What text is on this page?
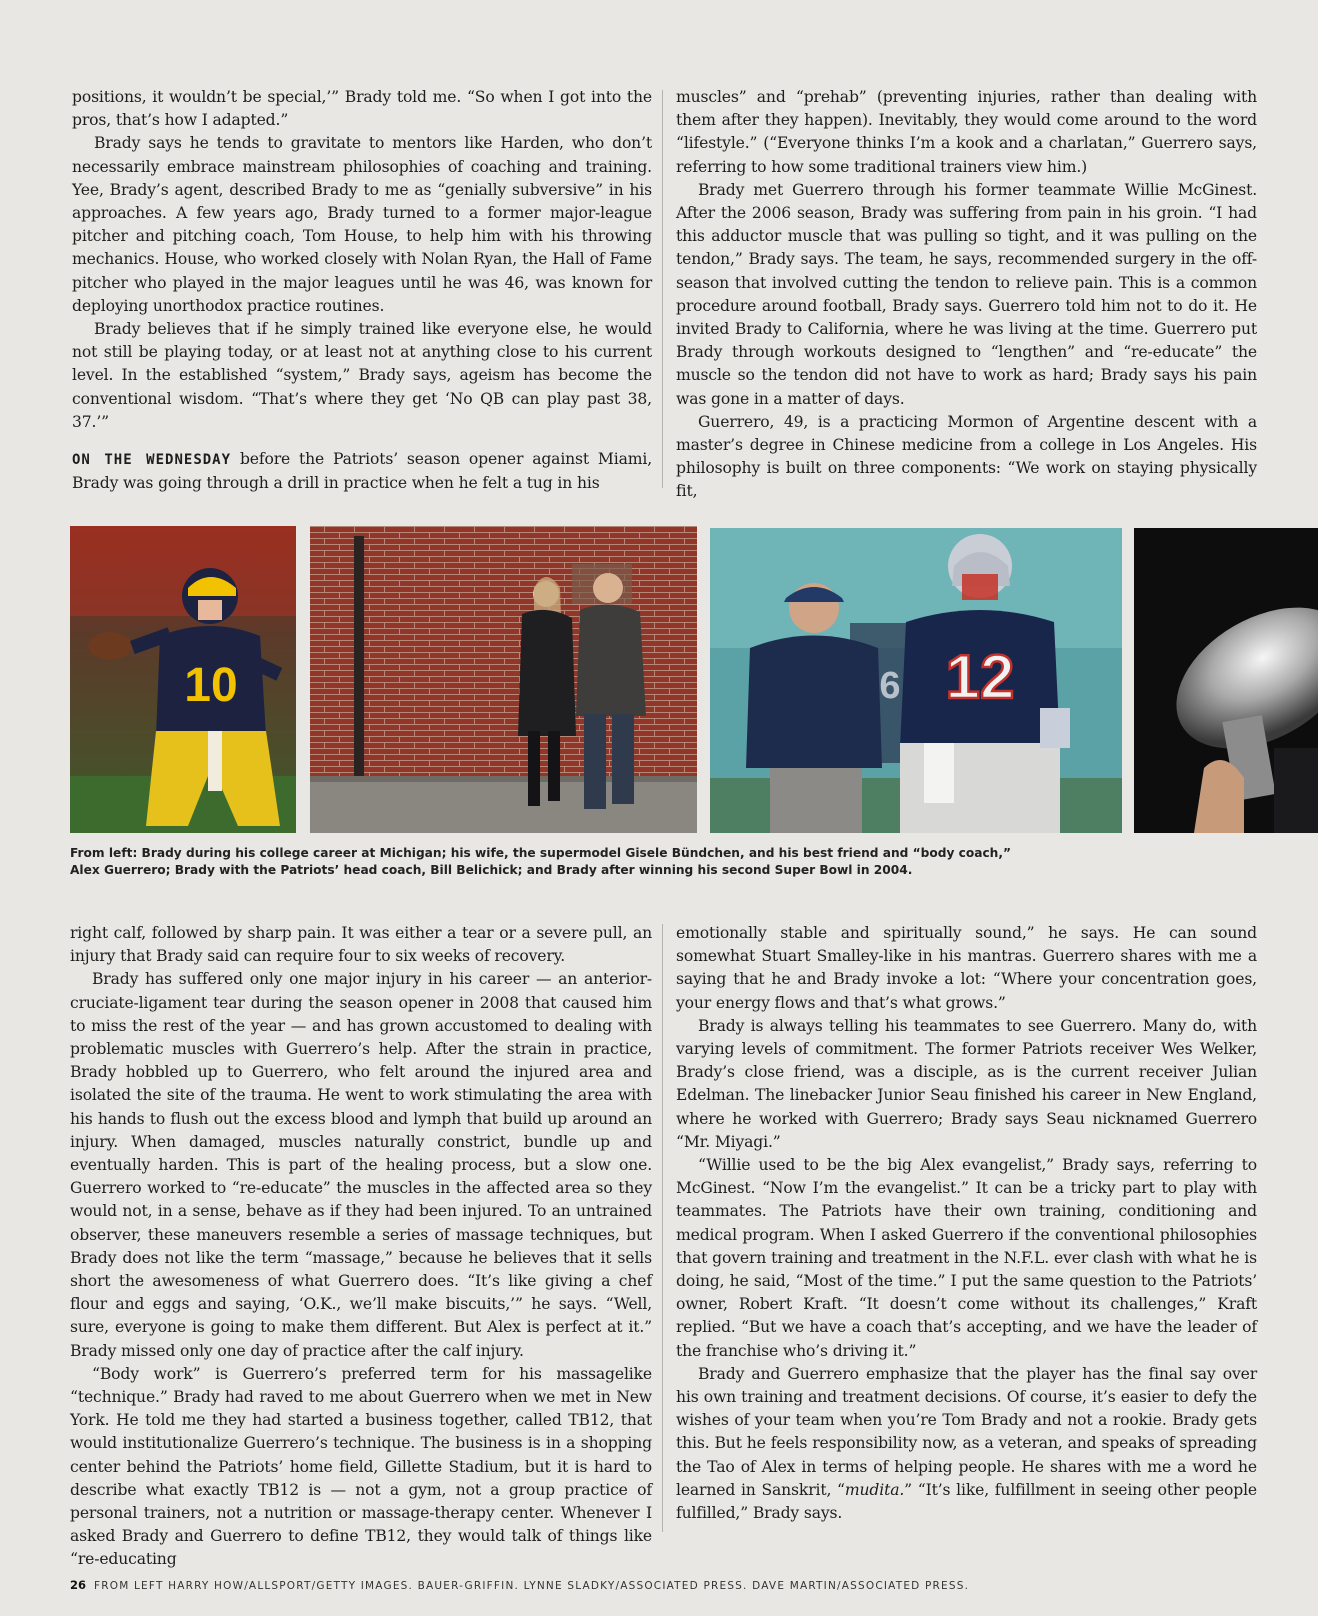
positions, it wouldn’t be special,’” Brady told me. “So when I got into the pros, that’s how I adapted.”

Brady says he tends to gravitate to mentors like Harden, who don’t necessarily embrace mainstream philosophies of coaching and training. Yee, Brady’s agent, described Brady to me as “genially subversive” in his approaches. A few years ago, Brady turned to a former major-league pitcher and pitching coach, Tom House, to help him with his throwing mechanics. House, who worked closely with Nolan Ryan, the Hall of Fame pitcher who played in the major leagues until he was 46, was known for deploying unorthodox practice routines.

Brady believes that if he simply trained like everyone else, he would not still be playing today, or at least not at anything close to his current level. In the established “system,” Brady says, ageism has become the conventional wisdom. “That’s where they get ‘No QB can play past 38, 37.’”

ON THE WEDNESDAY before the Patriots’ season opener against Miami, Brady was going through a drill in practice when he felt a tug in his

muscles” and “prehab” (preventing injuries, rather than dealing with them after they happen). Inevitably, they would come around to the word “lifestyle.” (“Everyone thinks I’m a kook and a charlatan,” Guerrero says, referring to how some traditional trainers view him.)

Brady met Guerrero through his former teammate Willie McGinest. After the 2006 season, Brady was suffering from pain in his groin. “I had this adductor muscle that was pulling so tight, and it was pulling on the tendon,” Brady says. The team, he says, recommended surgery in the off-season that involved cutting the tendon to relieve pain. This is a common procedure around football, Brady says. Guerrero told him not to do it. He invited Brady to California, where he was living at the time. Guerrero put Brady through workouts designed to “lengthen” and “re-educate” the muscle so the tendon did not have to work as hard; Brady says his pain was gone in a matter of days.

Guerrero, 49, is a practicing Mormon of Argentine descent with a master’s degree in Chinese medicine from a college in Los Angeles. His philosophy is built on three components: “We work on staying physically fit,

10	6 12
From left: Brady during his college career at Michigan; his wife, the supermodel Gisele Bündchen, and his best friend and “body coach,”
Alex Guerrero; Brady with the Patriots’ head coach, Bill Belichick; and Brady after winning his second Super Bowl in 2004.

right calf, followed by sharp pain. It was either a tear or a severe pull, an injury that Brady said can require four to six weeks of recovery.

Brady has suffered only one major injury in his career — an anterior-cruciate-ligament tear during the season opener in 2008 that caused him to miss the rest of the year — and has grown accustomed to dealing with problematic muscles with Guerrero’s help. After the strain in practice, Brady hobbled up to Guerrero, who felt around the injured area and isolated the site of the trauma. He went to work stimulating the area with his hands to flush out the excess blood and lymph that build up around an injury. When damaged, muscles naturally constrict, bundle up and eventually harden. This is part of the healing process, but a slow one. Guerrero worked to “re-educate” the muscles in the affected area so they would not, in a sense, behave as if they had been injured. To an untrained observer, these maneuvers resemble a series of massage techniques, but Brady does not like the term “massage,” because he believes that it sells short the awesomeness of what Guerrero does. “It’s like giving a chef flour and eggs and saying, ‘O.K., we’ll make biscuits,’” he says. “Well, sure, everyone is going to make them different. But Alex is perfect at it.” Brady missed only one day of practice after the calf injury.

“Body work” is Guerrero’s preferred term for his massagelike “technique.” Brady had raved to me about Guerrero when we met in New York. He told me they had started a business together, called TB12, that would institutionalize Guerrero’s technique. The business is in a shopping center behind the Patriots’ home field, Gillette Stadium, but it is hard to describe what exactly TB12 is — not a gym, not a group practice of personal trainers, not a nutrition or massage-therapy center. Whenever I asked Brady and Guerrero to define TB12, they would talk of things like “re-educating

emotionally stable and spiritually sound,” he says. He can sound somewhat Stuart Smalley-like in his mantras. Guerrero shares with me a saying that he and Brady invoke a lot: “Where your concentration goes, your energy flows and that’s what grows.”

Brady is always telling his teammates to see Guerrero. Many do, with varying levels of commitment. The former Patriots receiver Wes Welker, Brady’s close friend, was a disciple, as is the current receiver Julian Edelman. The linebacker Junior Seau finished his career in New England, where he worked with Guerrero; Brady says Seau nicknamed Guerrero “Mr. Miyagi.”

“Willie used to be the big Alex evangelist,” Brady says, referring to McGinest. “Now I’m the evangelist.” It can be a tricky part to play with teammates. The Patriots have their own training, conditioning and medical program. When I asked Guerrero if the conventional philosophies that govern training and treatment in the N.F.L. ever clash with what he is doing, he said, “Most of the time.” I put the same question to the Patriots’ owner, Robert Kraft. “It doesn’t come without its challenges,” Kraft replied. “But we have a coach that’s accepting, and we have the leader of the franchise who’s driving it.”

Brady and Guerrero emphasize that the player has the final say over his own training and treatment decisions. Of course, it’s easier to defy the wishes of your team when you’re Tom Brady and not a rookie. Brady gets this. But he feels responsibility now, as a veteran, and speaks of spreading the Tao of Alex in terms of helping people. He shares with me a word he learned in Sanskrit, “mudita.” “It’s like, fulfillment in seeing other people fulfilled,” Brady says.

26 FROM LEFT HARRY HOW/ALLSPORT/GETTY IMAGES. BAUER-GRIFFIN. LYNNE SLADKY/ASSOCIATED PRESS. DAVE MARTIN/ASSOCIATED PRESS.
